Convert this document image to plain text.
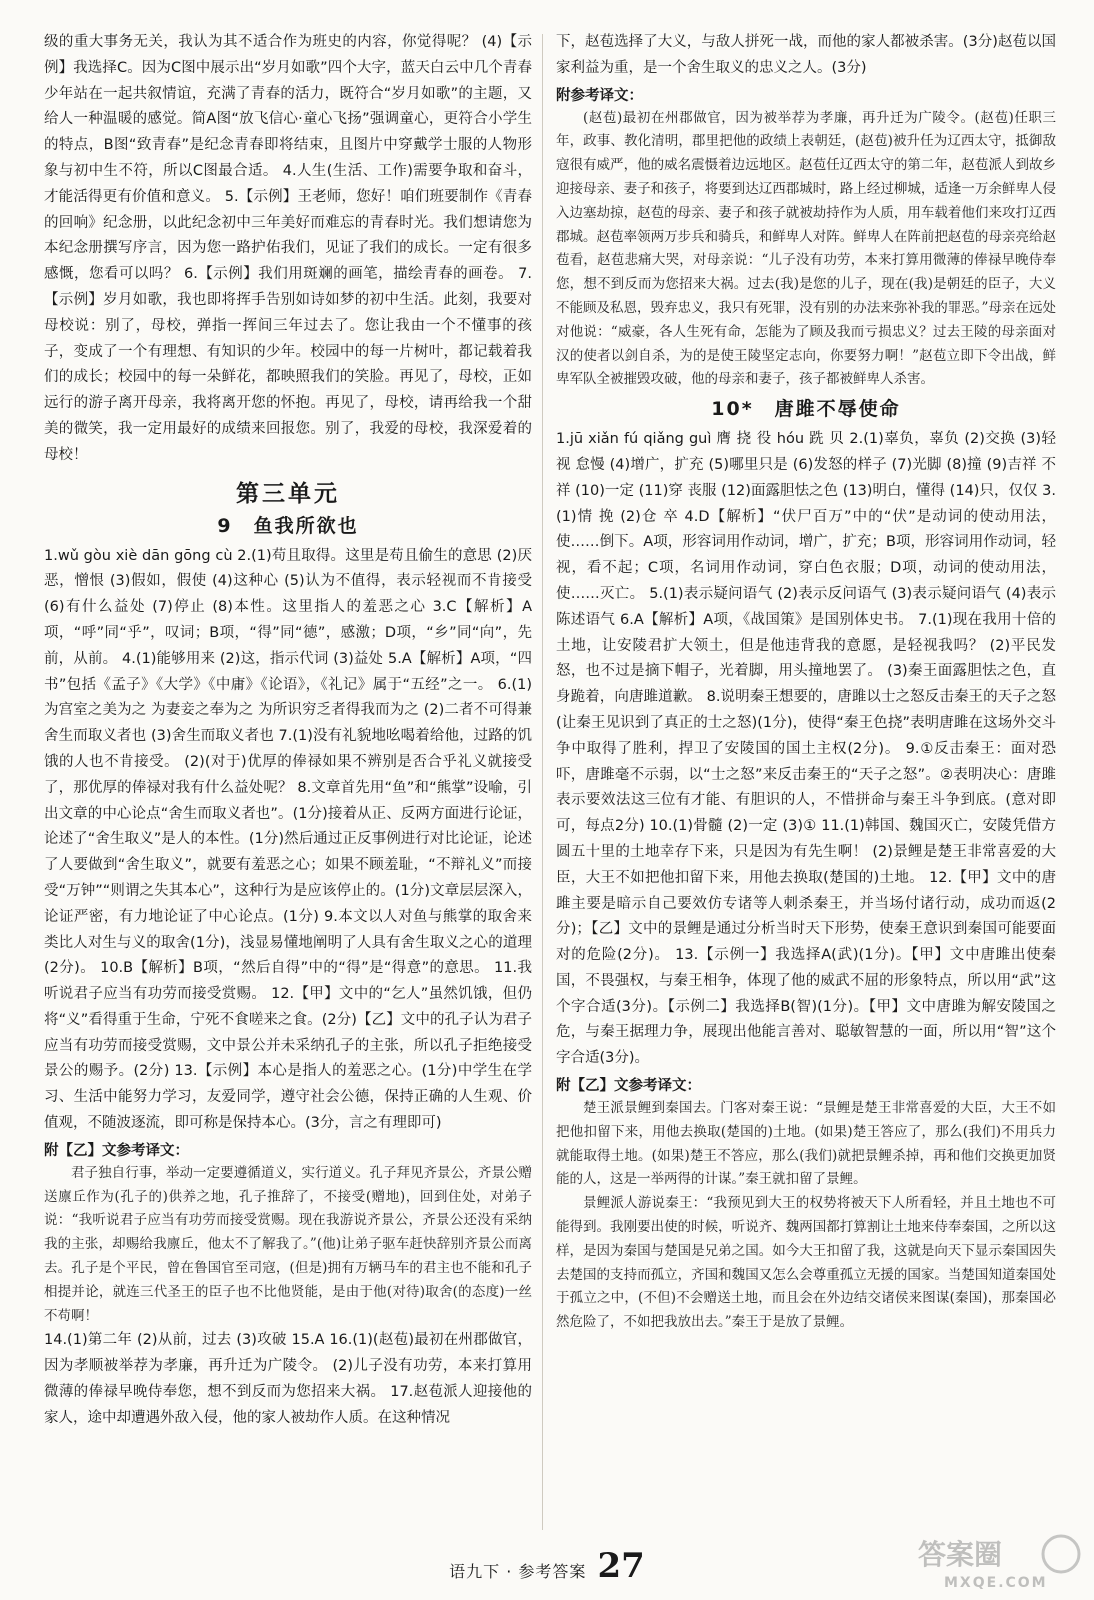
级的重大事务无关，我认为其不适合作为班史的内容，你觉得呢？ (4)【示例】我选择C。因为C图中展示出“岁月如歌”四个大字，蓝天白云中几个青春少年站在一起共叙情谊，充满了青春的活力，既符合“岁月如歌”的主题，又给人一种温暖的感觉。简A图“放飞信心·童心飞扬”强调童心，更符合小学生的特点，B图“致青春”是纪念青春即将结束，且图片中穿戴学士服的人物形象与初中生不符，所以C图最合适。 4.人生(生活、工作)需要争取和奋斗，才能活得更有价值和意义。 5.【示例】王老师，您好！咱们班要制作《青春的回响》纪念册，以此纪念初中三年美好而难忘的青春时光。我们想请您为本纪念册撰写序言，因为您一路护佑我们，见证了我们的成长。一定有很多感慨，您看可以吗？ 6.【示例】我们用斑斓的画笔，描绘青春的画卷。 7.【示例】岁月如歌，我也即将挥手告别如诗如梦的初中生活。此刻，我要对母校说：别了，母校，弹指一挥间三年过去了。您让我由一个不懂事的孩子，变成了一个有理想、有知识的少年。校园中的每一片树叶，都记载着我们的成长；校园中的每一朵鲜花，都映照我们的笑脸。再见了，母校，正如远行的游子离开母亲，我将离开您的怀抱。再见了，母校，请再给我一个甜美的微笑，我一定用最好的成绩来回报您。别了，我爱的母校，我深爱着的母校！

第三单元
9　鱼我所欲也

1.wǔ gòu xiè dān gōng cù 2.(1)苟且取得。这里是苟且偷生的意思 (2)厌恶，憎恨 (3)假如，假使 (4)这种心 (5)认为不值得，表示轻视而不肯接受 (6)有什么益处 (7)停止 (8)本性。这里指人的羞恶之心 3.C【解析】A项，“呼”同“乎”，叹词；B项，“得”同“德”，感激；D项，“乡”同“向”，先前，从前。 4.(1)能够用来 (2)这，指示代词 (3)益处 5.A【解析】A项，“四书”包括《孟子》《大学》《中庸》《论语》，《礼记》属于“五经”之一。 6.(1)为宫室之美为之 为妻妾之奉为之 为所识穷乏者得我而为之 (2)二者不可得兼 舍生而取义者也 (3)舍生而取义者也 7.(1)没有礼貌地吆喝着给他，过路的饥饿的人也不肯接受。 (2)(对于)优厚的俸禄如果不辨别是否合乎礼义就接受了，那优厚的俸禄对我有什么益处呢？ 8.文章首先用“鱼”和“熊掌”设喻，引出文章的中心论点“舍生而取义者也”。(1分)接着从正、反两方面进行论证，论述了“舍生取义”是人的本性。(1分)然后通过正反事例进行对比论证，论述了人要做到“舍生取义”，就要有羞恶之心；如果不顾羞耻，“不辩礼义”而接受“万钟”“则谓之失其本心”，这种行为是应该停止的。(1分)文章层层深入，论证严密，有力地论证了中心论点。(1分) 9.本文以人对鱼与熊掌的取舍来类比人对生与义的取舍(1分)，浅显易懂地阐明了人具有舍生取义之心的道理(2分)。 10.B【解析】B项，“然后自得”中的“得”是“得意”的意思。 11.我听说君子应当有功劳而接受赏赐。 12.【甲】文中的“乞人”虽然饥饿，但仍将“义”看得重于生命，宁死不食嗟来之食。(2分)【乙】文中的孔子认为君子应当有功劳而接受赏赐，文中景公并未采纳孔子的主张，所以孔子拒绝接受景公的赐予。(2分) 13.【示例】本心是指人的羞恶之心。(1分)中学生在学习、生活中能努力学习，友爱同学，遵守社会公德，保持正确的人生观、价值观，不随波逐流，即可称是保持本心。(3分，言之有理即可)

附【乙】文参考译文：

君子独自行事，举动一定要遵循道义，实行道义。孔子拜见齐景公，齐景公赠送廪丘作为(孔子的)供养之地，孔子推辞了，不接受(赠地)，回到住处，对弟子说：“我听说君子应当有功劳而接受赏赐。现在我游说齐景公，齐景公还没有采纳我的主张，却赐给我廪丘，他太不了解我了。”(他)让弟子驱车赶快辞别齐景公而离去。孔子是个平民，曾在鲁国官至司寇，(但是)拥有万辆马车的君主也不能和孔子相提并论，就连三代圣王的臣子也不比他贤能，是由于他(对待)取舍(的态度)一丝不苟啊！

14.(1)第二年 (2)从前，过去 (3)攻破 15.A 16.(1)(赵苞)最初在州郡做官，因为孝顺被举荐为孝廉，再升迁为广陵令。 (2)儿子没有功劳，本来打算用微薄的俸禄早晚侍奉您，想不到反而为您招来大祸。 17.赵苞派人迎接他的家人，途中却遭遇外敌入侵，他的家人被劫作人质。在这种情况

下，赵苞选择了大义，与敌人拼死一战，而他的家人都被杀害。(3分)赵苞以国家利益为重，是一个舍生取义的忠义之人。(3分)

附参考译文：

(赵苞)最初在州郡做官，因为被举荐为孝廉，再升迁为广陵令。(赵苞)任职三年，政事、教化清明，郡里把他的政绩上表朝廷，(赵苞)被升任为辽西太守，抵御敌寇很有威严，他的威名震慑着边远地区。赵苞任辽西太守的第二年，赵苞派人到故乡迎接母亲、妻子和孩子，将要到达辽西郡城时，路上经过柳城，适逢一万余鲜卑人侵入边塞劫掠，赵苞的母亲、妻子和孩子就被劫持作为人质，用车载着他们来攻打辽西郡城。赵苞率领两万步兵和骑兵，和鲜卑人对阵。鲜卑人在阵前把赵苞的母亲亮给赵苞看，赵苞悲痛大哭，对母亲说：“儿子没有功劳，本来打算用微薄的俸禄早晚侍奉您，想不到反而为您招来大祸。过去(我)是您的儿子，现在(我)是朝廷的臣子，大义不能顾及私恩，毁弃忠义，我只有死罪，没有别的办法来弥补我的罪恶。”母亲在远处对他说：“威豪，各人生死有命，怎能为了顾及我而亏损忠义？过去王陵的母亲面对汉的使者以剑自杀，为的是使王陵坚定志向，你要努力啊！”赵苞立即下令出战，鲜卑军队全被摧毁攻破，他的母亲和妻子，孩子都被鲜卑人杀害。

10*　唐雎不辱使命

1.jū xiǎn fú qiǎng guì 膺 挠 役 hóu 跣 贝 2.(1)辜负，辜负 (2)交换 (3)轻视 怠慢 (4)增广，扩充 (5)哪里只是 (6)发怒的样子 (7)光脚 (8)撞 (9)吉祥 不祥 (10)一定 (11)穿 丧服 (12)面露胆怯之色 (13)明白，懂得 (14)只，仅仅 3.(1)情 挽 (2)仓 卒 4.D【解析】“伏尸百万”中的“伏”是动词的使动用法，使……倒下。A项，形容词用作动词，增广，扩充；B项，形容词用作动词，轻视，看不起；C项，名词用作动词，穿白色衣服；D项，动词的使动用法，使……灭亡。 5.(1)表示疑问语气 (2)表示反问语气 (3)表示疑问语气 (4)表示陈述语气 6.A【解析】A项，《战国策》是国别体史书。 7.(1)现在我用十倍的土地，让安陵君扩大领土，但是他违背我的意愿，是轻视我吗？ (2)平民发怒，也不过是摘下帽子，光着脚，用头撞地罢了。 (3)秦王面露胆怯之色，直身跪着，向唐雎道歉。 8.说明秦王想要的，唐雎以士之怒反击秦王的天子之怒(让秦王见识到了真正的士之怒)(1分)，使得“秦王色挠”表明唐雎在这场外交斗争中取得了胜利，捍卫了安陵国的国土主权(2分)。 9.①反击秦王：面对恐吓，唐雎毫不示弱，以“士之怒”来反击秦王的“天子之怒”。②表明决心：唐雎表示要效法这三位有才能、有胆识的人，不惜拼命与秦王斗争到底。(意对即可，每点2分) 10.(1)骨髓 (2)一定 (3)① 11.(1)韩国、魏国灭亡，安陵凭借方圆五十里的土地幸存下来，只是因为有先生啊！ (2)景鲤是楚王非常喜爱的大臣，大王不如把他扣留下来，用他去换取(楚国的)土地。 12.【甲】文中的唐雎主要是暗示自己要效仿专诸等人刺杀秦王，并当场付诸行动，成功而返(2分)；【乙】文中的景鲤是通过分析当时天下形势，使秦王意识到秦国可能要面对的危险(2分)。 13.【示例一】我选择A(武)(1分)。【甲】文中唐雎出使秦国，不畏强权，与秦王相争，体现了他的威武不屈的形象特点，所以用“武”这个字合适(3分)。【示例二】我选择B(智)(1分)。【甲】文中唐雎为解安陵国之危，与秦王据理力争，展现出他能言善对、聪敏智慧的一面，所以用“智”这个字合适(3分)。

附【乙】文参考译文：

楚王派景鲤到秦国去。门客对秦王说：“景鲤是楚王非常喜爱的大臣，大王不如把他扣留下来，用他去换取(楚国的)土地。(如果)楚王答应了，那么(我们)不用兵力就能取得土地。(如果)楚王不答应，那么(我们)就把景鲤杀掉，再和他们交换更加贤能的人，这是一举两得的计谋。”秦王就扣留了景鲤。

景鲤派人游说秦王：“我预见到大王的权势将被天下人所看轻，并且土地也不可能得到。我刚要出使的时候，听说齐、魏两国都打算割让土地来侍奉秦国，之所以这样，是因为秦国与楚国是兄弟之国。如今大王扣留了我，这就是向天下显示秦国因失去楚国的支持而孤立，齐国和魏国又怎么会尊重孤立无援的国家。当楚国知道秦国处于孤立之中，(不但)不会赠送土地，而且会在外边结交诸侯来图谋(秦国)，那秦国必然危险了，不如把我放出去。”秦王于是放了景鲤。

语九下 · 参考答案 27	答案圈
MXQE.COM
